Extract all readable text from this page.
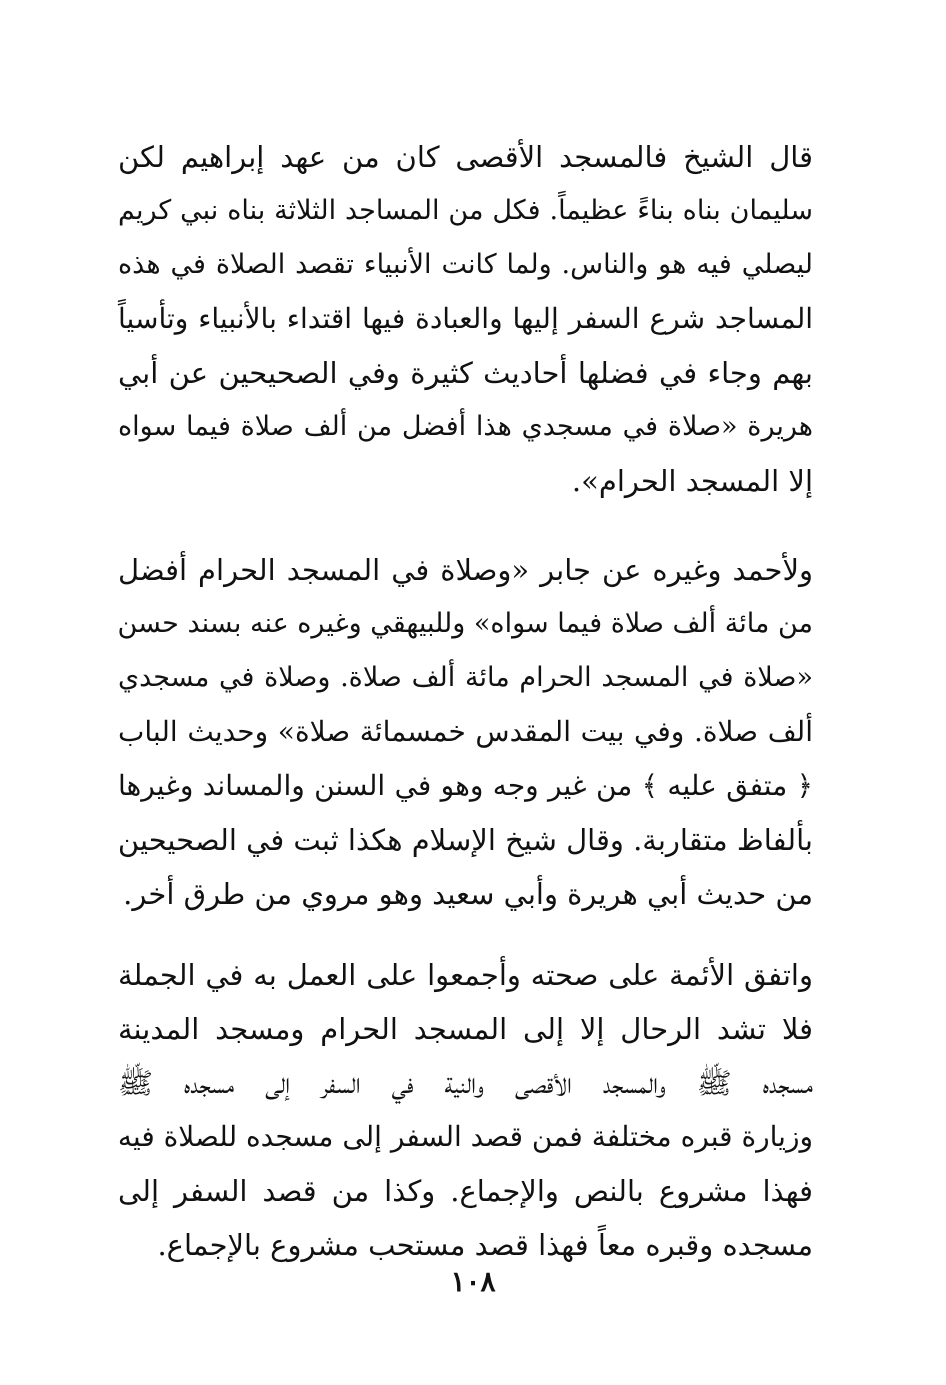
قال الشيخ فالمسجد الأقصى كان من عهد إبراهيم لكن
سليمان بناه بناءً عظيماً. فكل من المساجد الثلاثة بناه نبي كريم
ليصلي فيه هو والناس. ولما كانت الأنبياء تقصد الصلاة في هذه
المساجد شرع السفر إليها والعبادة فيها اقتداء بالأنبياء وتأسياً
بهم وجاء في فضلها أحاديث كثيرة وفي الصحيحين عن أبي
هريرة «صلاة في مسجدي هذا أفضل من ألف صلاة فيما سواه
إلا المسجد الحرام».
ولأحمد وغيره عن جابر «وصلاة في المسجد الحرام أفضل
من مائة ألف صلاة فيما سواه» وللبيهقي وغيره عنه بسند حسن
«صلاة في المسجد الحرام مائة ألف صلاة. وصلاة في مسجدي
ألف صلاة. وفي بيت المقدس خمسمائة صلاة» وحديث الباب
﴿ متفق عليه ﴾ من غير وجه وهو في السنن والمساند وغيرها
بألفاظ متقاربة. وقال شيخ الإسلام هكذا ثبت في الصحيحين
من حديث أبي هريرة وأبي سعيد وهو مروي من طرق أخر.
واتفق الأئمة على صحته وأجمعوا على العمل به في الجملة
فلا تشد الرحال إلا إلى المسجد الحرام ومسجد المدينة
مسجده ﷺ والمسجد الأقصى والنية في السفر إلى مسجده ﷺ
وزيارة قبره مختلفة فمن قصد السفر إلى مسجده للصلاة فيه
فهذا مشروع بالنص والإجماع. وكذا من قصد السفر إلى
مسجده وقبره معاً فهذا قصد مستحب مشروع بالإجماع.
١٠٨
